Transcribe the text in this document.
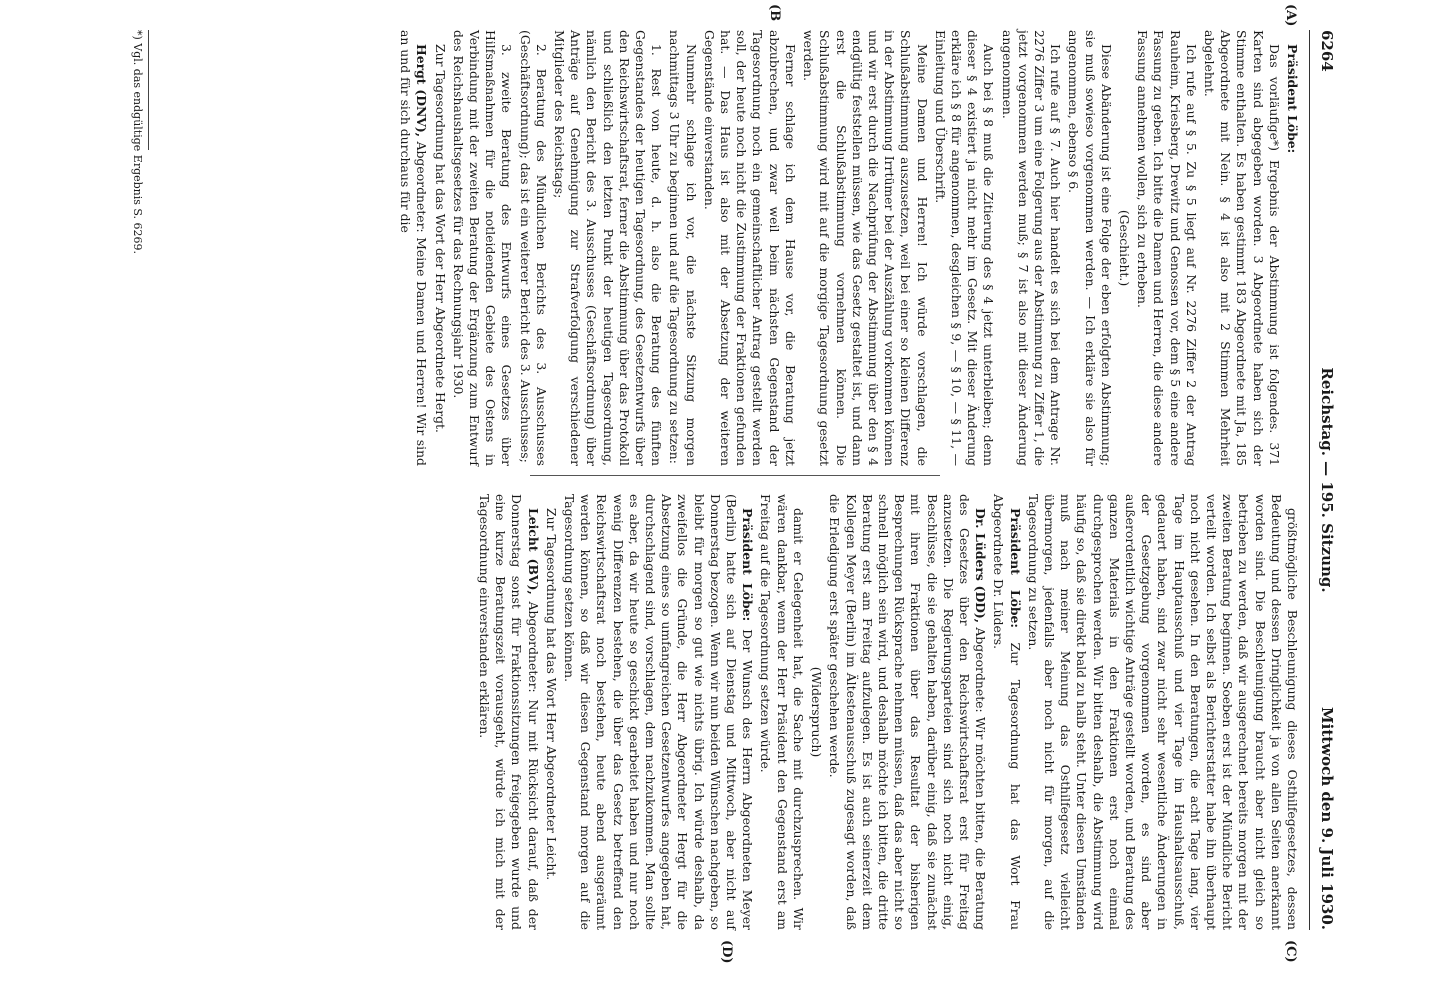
6264
Reichstag. — 195. Sitzung.
Mittwoch den 9. Juli 1930.
(A)
(B
(C)
(D)

Präsident Löbe:

Das vorläufige*) Ergebnis der Abstimmung ist folgendes. 371 Karten sind abgegeben worden. 3 Abgeordnete haben sich der Stimme enthalten. Es haben gestimmt 183 Abgeordnete mit Ja, 185 Abgeordnete mit Nein. § 4 ist also mit 2 Stimmen Mehrheit abgelehnt.

Ich rufe auf § 5. Zu § 5 liegt auf Nr. 2276 Ziffer 2 der Antrag Rauheim, Kriesberg, Drewitz und Genossen vor, dem § 5 eine andere Fassung zu geben. Ich bitte die Damen und Herren, die diese andere Fassung annehmen wollen, sich zu erheben.

(Geschieht.)

Diese Abänderung ist eine Folge der eben erfolgten Abstimmung; sie muß sowieso vorgenommen werden. — Ich erkläre sie also für angenommen, ebenso § 6.

Ich rufe auf § 7. Auch hier handelt es sich bei dem Antrage Nr. 2276 Ziffer 3 um eine Folgerung aus der Abstimmung zu Ziffer 1, die jetzt vorgenommen werden muß; § 7 ist also mit dieser Änderung angenommen.

Auch bei § 8 muß die Zitierung des § 4 jetzt unterbleiben; denn dieser § 4 existiert ja nicht mehr im Gesetz. Mit dieser Änderung erkläre ich § 8 für angenommen, desgleichen § 9, — § 10, — § 11, — Einleitung und Überschrift.

Meine Damen und Herren! Ich würde vorschlagen, die Schlußabstimmung auszusetzen, weil bei einer so kleinen Differenz in der Abstimmung Irrtümer bei der Auszählung vorkommen können und wir erst durch die Nachprüfung der Abstimmung über den § 4 endgültig feststellen müssen, wie das Gesetz gestaltet ist, und dann erst die Schlußabstimmung vornehmen können. Die Schlußabstimmung wird mit auf die morgige Tagesordnung gesetzt werden.

Ferner schlage ich dem Hause vor, die Beratung jetzt abzubrechen, und zwar weil beim nächsten Gegenstand der Tagesordnung noch ein gemeinschaftlicher Antrag gestellt werden soll, der heute noch nicht die Zustimmung der Fraktionen gefunden hat. — Das Haus ist also mit der Absetzung der weiteren Gegenstände einverstanden.

Nunmehr schlage ich vor, die nächste Sitzung morgen nachmittags 3 Uhr zu beginnen und auf die Tagesordnung zu setzen:

1. Rest von heute, d. h. also die Beratung des fünften Gegenstandes der heutigen Tagesordnung, des Gesetzentwurfs über den Reichswirtschaftsrat, ferner die Abstimmung über das Protokoll und schließlich den letzten Punkt der heutigen Tagesordnung, nämlich den Bericht des 3. Ausschusses (Geschäftsordnung) über Anträge auf Genehmigung zur Strafverfolgung verschiedener Mitglieder des Reichstags;

2. Beratung des Mündlichen Berichts des 3. Ausschusses (Geschäftsordnung); das ist ein weiterer Bericht des 3. Ausschusses;

3. zweite Beratung des Entwurfs eines Gesetzes über Hilfsmaßnahmen für die notleidenden Gebiete des Ostens in Verbindung mit der zweiten Beratung der Ergänzung zum Entwurf des Reichshaushaltsgesetzes für das Rechnungsjahr 1930.

Zur Tagesordnung hat das Wort der Herr Abgeordnete Hergt.

Hergt (DNV), Abgeordneter: Meine Damen und Herren! Wir sind an und für sich durchaus für die

größtmögliche Beschleunigung dieses Osthilfegesetzes, dessen Bedeutung und dessen Dringlichkeit ja von allen Seiten anerkannt worden sind. Die Beschleunigung braucht aber nicht gleich so betrieben zu werden, daß wir ausgerechnet bereits morgen mit der zweiten Beratung beginnen. Soeben erst ist der Mündliche Bericht verteilt worden. Ich selbst als Berichterstatter habe ihn überhaupt noch nicht gesehen. In den Beratungen, die acht Tage lang, vier Tage im Hauptausschuß und vier Tage im Haushaltsausschuß, gedauert haben, sind zwar nicht sehr wesentliche Änderungen in der Gesetzgebung vorgenommen worden, es sind aber außerordentlich wichtige Anträge gestellt worden, und Beratung des ganzen Materials in den Fraktionen erst noch einmal durchgesprochen werden. Wir bitten deshalb, die Abstimmung wird häufig so, daß sie direkt bald zu halb steht. Unter diesen Umständen muß nach meiner Meinung das Osthilfegesetz vielleicht übermorgen, jedenfalls aber noch nicht für morgen, auf die Tagesordnung zu setzen.

Präsident Löbe: Zur Tagesordnung hat das Wort Frau Abgeordnete Dr. Lüders.

Dr. Lüders (DD), Abgeordnete: Wir möchten bitten, die Beratung des Gesetzes über den Reichswirtschaftsrat erst für Freitag anzusetzen. Die Regierungsparteien sind sich noch nicht einig, Beschlüsse, die sie gehalten haben, darüber einig, daß sie zunächst mit ihren Fraktionen über das Resultat der bisherigen Besprechungen Rücksprache nehmen müssen, daß das aber nicht so schnell möglich sein wird, und deshalb möchte ich bitten, die dritte Beratung erst am Freitag aufzulegen. Es ist auch seinerzeit dem Kollegen Meyer (Berlin) im Ältestenausschuß zugesagt worden, daß die Erledigung erst später geschehen werde.

(Widerspruch)

damit er Gelegenheit hat, die Sache mit durchzusprechen. Wir wären dankbar, wenn der Herr Präsident den Gegenstand erst am Freitag auf die Tagesordnung setzen würde.

Präsident Löbe: Der Wunsch des Herrn Abgeordneten Meyer (Berlin) hatte sich auf Dienstag und Mittwoch, aber nicht auf Donnerstag bezogen. Wenn wir nun beiden Wünschen nachgeben, so bleibt für morgen so gut wie nichts übrig. Ich würde deshalb, da zweifellos die Gründe, die Herr Abgeordneter Hergt für die Absetzung eines so umfangreichen Gesetzentwurfes angegeben hat, durchschlagend sind, vorschlagen, dem nachzukommen. Man sollte es aber, da wir heute so geschickt gearbeitet haben und nur noch wenig Differenzen bestehen, die über das Gesetz betreffend den Reichswirtschaftsrat noch bestehen, heute abend ausgeräumt werden können, so daß wir diesen Gegenstand morgen auf die Tagesordnung setzen können.

Zur Tagesordnung hat das Wort Herr Abgeordneter Leicht.

Leicht (BV), Abgeordneter: Nur mit Rücksicht darauf, daß der Donnerstag sonst für Fraktionssitzungen freigegeben wurde und eine kurze Beratungszeit vorausgeht, würde ich mich mit der Tagesordnung einverstanden erklären.

*) Vgl. das endgültige Ergebnis S. 6269.
